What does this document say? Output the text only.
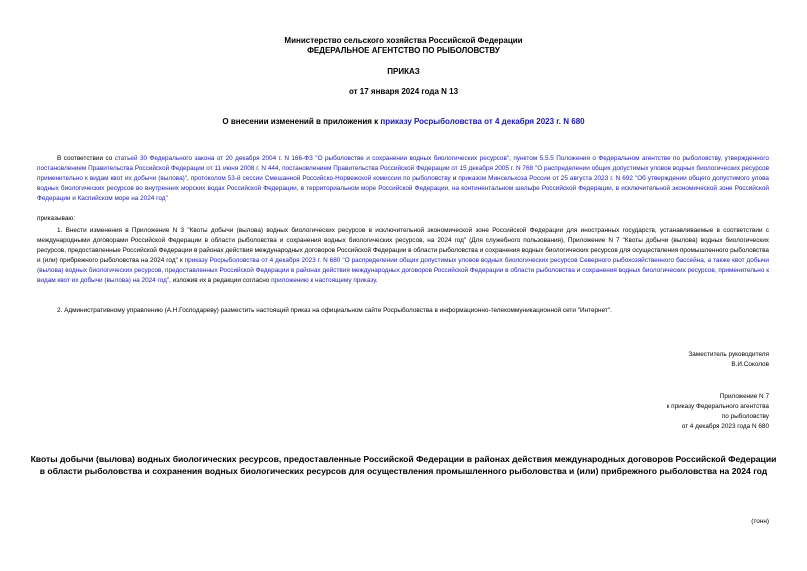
Министерство сельского хозяйства Российской Федерации
ФЕДЕРАЛЬНОЕ АГЕНТСТВО ПО РЫБОЛОВСТВУ
ПРИКАЗ
от 17 января 2024 года N 13
О внесении изменений в приложения к приказу Росрыболовства от 4 декабря 2023 г. N 680
В соответствии со статьей 30 Федерального закона от 20 декабря 2004 г. N 166-ФЗ "О рыболовстве и сохранении водных биологических ресурсов", пунктом 5.5.5 Положения о Федеральном агентстве по рыболовству, утвержденного постановлением Правительства Российской Федерации от 11 июня 2008 г. N 444, постановлением Правительства Российской Федерации от 15 декабря 2005 г. N 768 "О распределении общих допустимых уловов водных биологических ресурсов применительно к видам квот их добычи (вылова)", протоколом 53-й сессии Смешанной Российско-Норвежской комиссии по рыболовству и приказом Минсельхоза России от 25 августа 2023 г. N 692 "Об утверждении общего допустимого улова водных биологических ресурсов во внутренних морских водах Российской Федерации, в территориальном море Российской Федерации, на континентальном шельфе Российской Федерации, в исключительной экономической зоне Российской Федерации и Каспийском море на 2024 год"
приказываю:
1. Внести изменения в Приложение N 3 "Квоты добычи (вылова) водных биологических ресурсов в исключительной экономической зоне Российской Федерации для иностранных государств, устанавливаемые в соответствии с международными договорами Российской Федерации в области рыболовства и сохранения водных биологических ресурсов, на 2024 год" (Для служебного пользования), Приложение N 7 "Квоты добычи (вылова) водных биологических ресурсов, предоставленные Российской Федерации в районах действия международных договоров Российской Федерации в области рыболовства и сохранения водных биологических ресурсов для осуществления промышленного рыболовства и (или) прибрежного рыболовства на 2024 год" к приказу Росрыболовства от 4 декабря 2023 г. N 680 "О распределении общих допустимых уловов водных биологических ресурсов Северного рыбохозяйственного бассейна, а также квот добычи (вылова) водных биологических ресурсов, предоставленных Российской Федерации в районах действия международных договоров Российской Федерации в области рыболовства и сохранения водных биологических ресурсов, применительно к видам квот их добычи (вылова) на 2024 год", изложив их в редакции согласно приложению к настоящему приказу.
2. Административному управлению (А.Н.Господареву) разместить настоящий приказ на официальном сайте Росрыболовства в информационно-телекоммуникационной сети "Интернет".
Заместитель руководителя
В.И.Соколов
Приложение N 7
к приказу Федерального агентства
по рыболовству
от 4 декабря 2023 года N 680
Квоты добычи (вылова) водных биологических ресурсов, предоставленные Российской Федерации в районах действия международных договоров Российской Федерации в области рыболовства и сохранения водных биологических ресурсов для осуществления промышленного рыболовства и (или) прибрежного рыболовства на 2024 год
(тонн)
